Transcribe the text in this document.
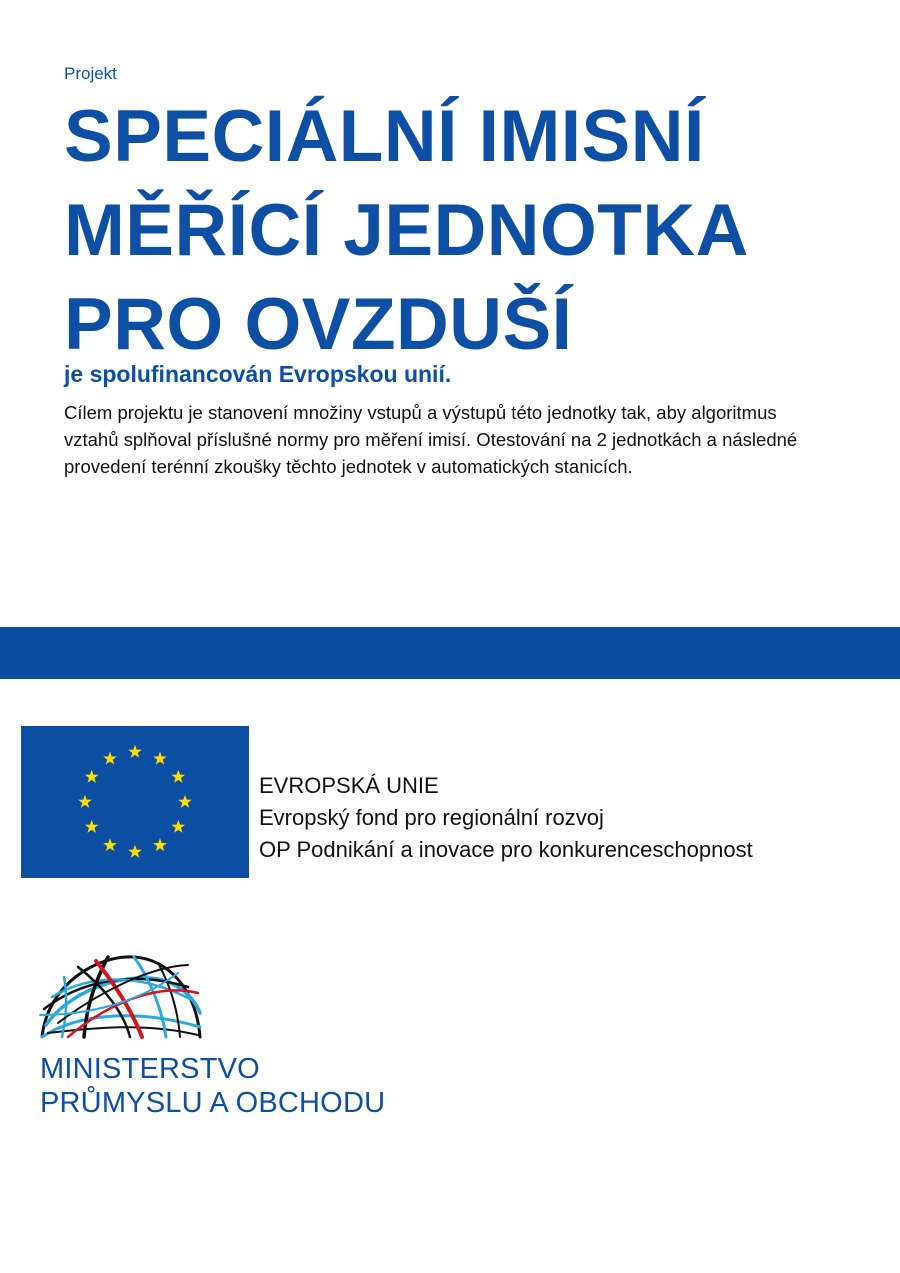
Projekt
SPECIÁLNÍ IMISNÍ
MĚŘÍCÍ JEDNOTKA
PRO OVZDUŠÍ
je spolufinancován Evropskou unií.

Cílem projektu je stanovení množiny vstupů a výstupů této jednotky tak, aby algoritmus vztahů splňoval příslušné normy pro měření imisí. Otestování na 2 jednotkách a následné provedení terénní zkoušky těchto jednotek v automatických stanicích.

EVROPSKÁ UNIE
Evropský fond pro regionální rozvoj
OP Podnikání a inovace pro konkurenceschopnost
MINISTERSTVO
PRŮMYSLU A OBCHODU
